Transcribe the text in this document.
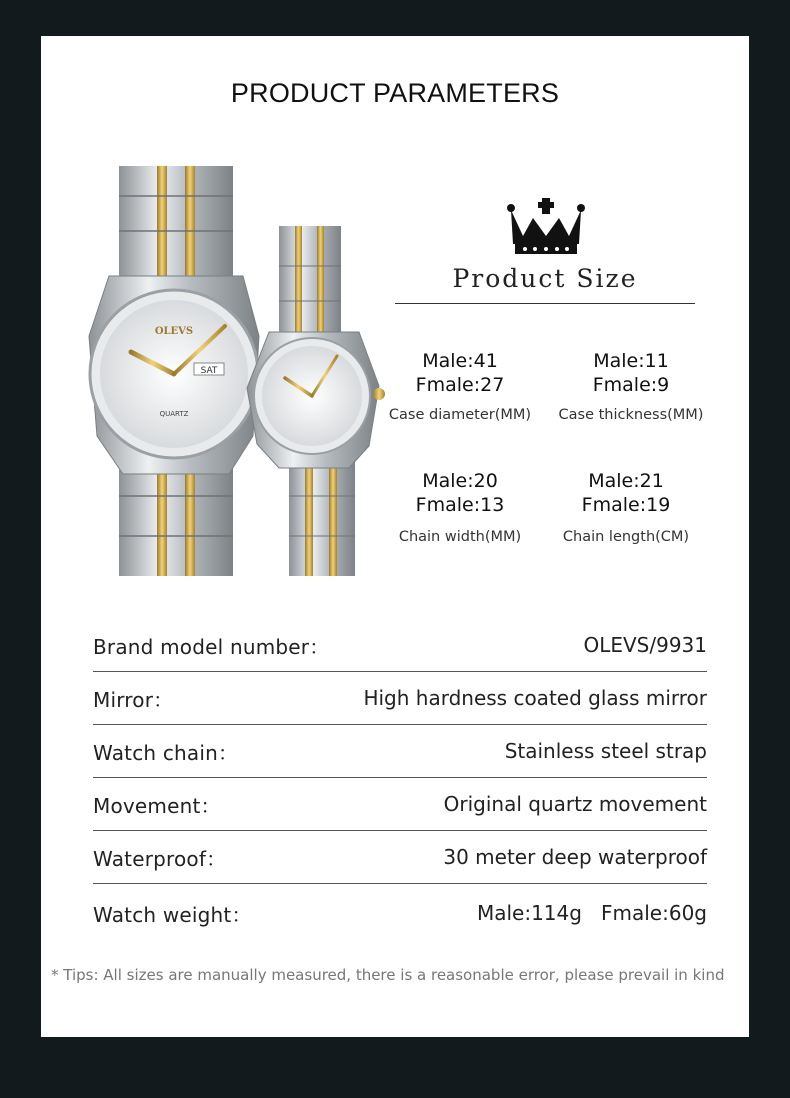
PRODUCT PARAMETERS
SAT
OLEVS
QUARTZ
Product Size
Male:41
Fmale:27
Case diameter(MM)
Male:11
Fmale:9
Case thickness(MM)
Male:20
Fmale:13
Chain width(MM)
Male:21
Fmale:19
Chain length(CM)
Brand model number：	OLEVS/9931
Mirror：	High hardness coated glass mirror
Watch chain：	Stainless steel strap
Movement：	Original quartz movement
Waterproof：	30 meter deep waterproof
Watch weight：	Male:114g   Fmale:60g
* Tips: All sizes are manually measured, there is a reasonable error, please prevail in kind
